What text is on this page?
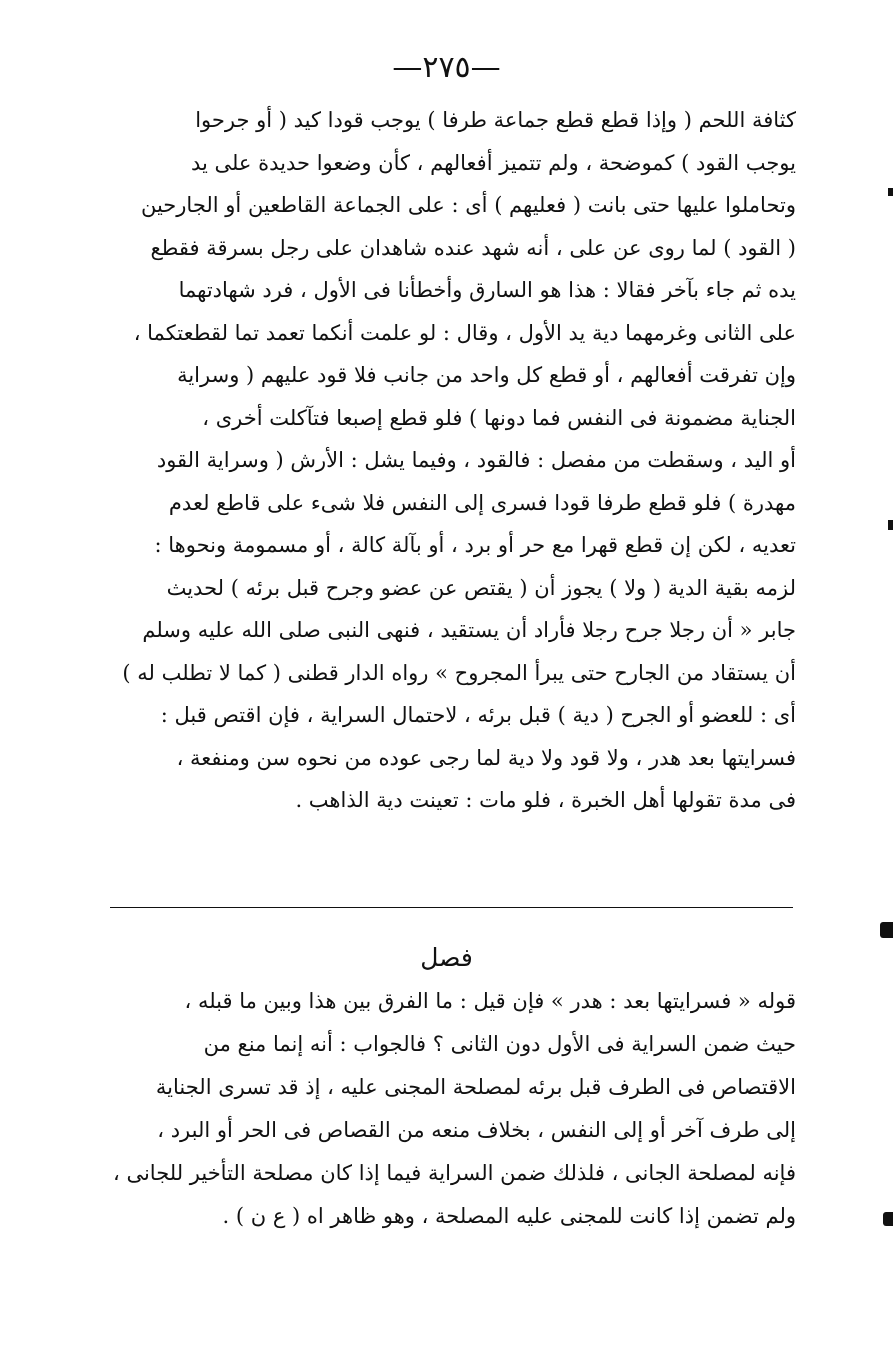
—٢٧٥—
كثافة اللحم ( وإذا قطع قطع جماعة طرفا ) يوجب قودا كيد ( أو جرحوا
يوجب القود ) كموضحة ، ولم تتميز أفعالهم ، كأن وضعوا حديدة على يد
وتحاملوا عليها حتى بانت ( فعليهم ) أى : على الجماعة القاطعين أو الجارحين
( القود ) لما روى عن على ، أنه شهد عنده شاهدان على رجل بسرقة فقطع
يده ثم جاء بآخر فقالا : هذا هو السارق وأخطأنا فى الأول ، فرد شهادتهما
على الثانى وغرمهما دية يد الأول ، وقال : لو علمت أنكما تعمد تما لقطعتكما ،
وإن تفرقت أفعالهم ، أو قطع كل واحد من جانب فلا قود عليهم ( وسراية
الجناية مضمونة فى النفس فما دونها ) فلو قطع إصبعا فتآكلت أخرى ،
أو اليد ، وسقطت من مفصل : فالقود ، وفيما يشل : الأرش ( وسراية القود
مهدرة ) فلو قطع طرفا قودا فسرى إلى النفس فلا شىء على قاطع لعدم
تعديه ، لكن إن قطع قهرا مع حر أو برد ، أو بآلة كالة ، أو مسمومة ونحوها :
لزمه بقية الدية ( ولا ) يجوز أن ( يقتص عن عضو وجرح قبل برئه ) لحديث
جابر « أن رجلا جرح رجلا فأراد أن يستقيد ، فنهى النبى صلى الله عليه وسلم
أن يستقاد من الجارح حتى يبرأ المجروح » رواه الدار قطنى ( كما لا تطلب له )
أى : للعضو أو الجرح ( دية ) قبل برئه ، لاحتمال السراية ، فإن اقتص قبل :
فسرايتها بعد هدر ، ولا قود ولا دية لما رجى عوده من نحوه سن ومنفعة ،
فى مدة تقولها أهل الخبرة ، فلو مات : تعينت دية الذاهب .
فصل
قوله « فسرايتها بعد : هدر » فإن قيل : ما الفرق بين هذا وبين ما قبله ،
حيث ضمن السراية فى الأول دون الثانى ؟ فالجواب : أنه إنما منع من
الاقتصاص فى الطرف قبل برئه لمصلحة المجنى عليه ، إذ قد تسرى الجناية
إلى طرف آخر أو إلى النفس ، بخلاف منعه من القصاص فى الحر أو البرد ،
فإنه لمصلحة الجانى ، فلذلك ضمن السراية فيما إذا كان مصلحة التأخير للجانى ،
ولم تضمن إذا كانت للمجنى عليه المصلحة ، وهو ظاهر اه ( ع ن ) .
